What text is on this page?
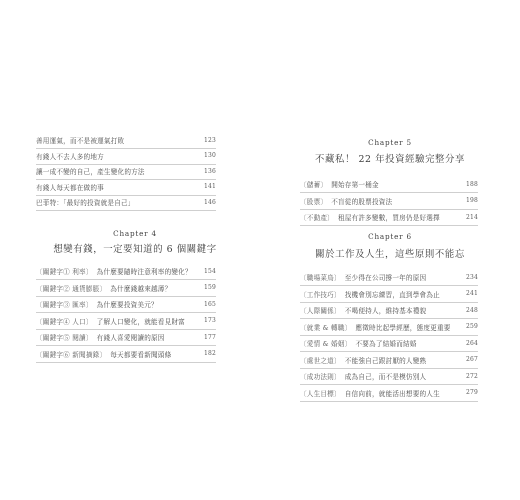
善用運氣，而不是被運氣打敗	123
有錢人不去人多的地方	130
讓一成不變的自己，產生變化的方法	136
有錢人每天都在做的事	141
巴菲特：「最好的投資就是自己」	146
Chapter 4
想變有錢，一定要知道的 6 個關鍵字
〔關鍵字① 利率〕 為什麼要隨時注意利率的變化？	154
〔關鍵字② 通貨膨脹〕 為什麼錢越來越薄？	159
〔關鍵字③ 匯率〕 為什麼要投資美元？	165
〔關鍵字④ 人口〕 了解人口變化，就能看見財富	173
〔關鍵字⑤ 閱讀〕 有錢人喜愛閱讀的原因	177
〔關鍵字⑥ 新聞摘錄〕 每天都要看新聞頭條	182
Chapter 5
不藏私！ 22 年投資經驗完整分享
〔儲蓄〕 開始存第一桶金	188
〔股票〕 不盲從的股票投資法	198
〔不動產〕 租屋有許多變數，買房仍是好選擇	214
Chapter 6
關於工作及人生，這些原則不能忘
〔職場菜鳥〕 至少得在公司撐一年的原因	234
〔工作技巧〕 找機會別忘練習，直到學會為止	241
〔人際關係〕 不喝便持人，維持基本禮貌	248
〔就業 & 轉職〕 應徵時比起學經歷，態度更重要	259
〔愛情 & 婚姻〕 不要為了結婚而結婚	264
〔處世之道〕 不能強自己跟討厭的人變熟	267
〔成功法則〕 成為自己，而不是模仿別人	272
〔人生目標〕 自信向前，就能活出想要的人生	279
